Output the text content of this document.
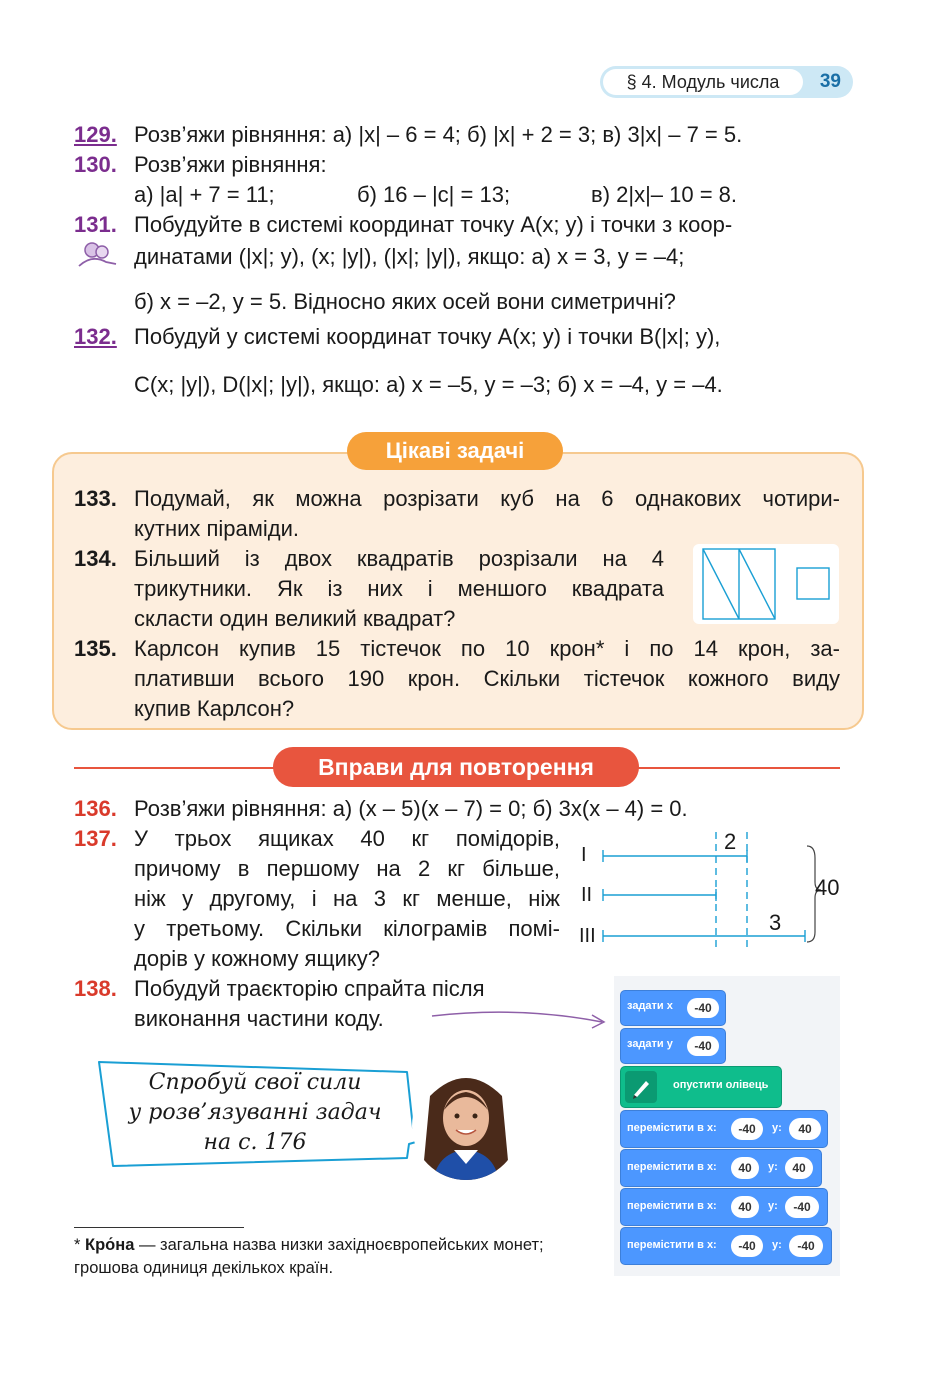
§ 4. Модуль числа	39
129. Розв’яжи рівняння: а) |x| – 6 = 4; б) |x| + 2 = 3; в) 3|x| – 7 = 5.
130. Розв’яжи рівняння:
а) |a| + 7 = 11;	б) 16 – |c| = 13;	в) 2|x|– 10 = 8.
131. Побудуйте в системі координат точку A(x; y) і точки з коор-
динатами (|x|; y), (x; |y|), (|x|; |y|), якщо: а) x = 3, y = –4;
б) x = –2, y = 5. Відносно яких осей вони симетричні?
132. Побудуй у системі координат точку A(x; y) і точки B(|x|; y),
C(x; |y|), D(|x|; |y|), якщо: а) x = –5, y = –3; б) x = –4, y = –4.
Цікаві задачі
133. Подумай, як можна розрізати куб на 6 однакових чотири-
кутних піраміди.
134. Більший із двох квадратів розрізали на 4
трикутники. Як із них і меншого квадрата
скласти один великий квадрат?
135. Карлсон купив 15 тістечок по 10 крон* і по 14 крон, за-
плативши всього 190 крон. Скільки тістечок кожного виду
купив Карлсон?
Вправи для повторення
136. Розв’яжи рівняння: а) (x – 5)(x – 7) = 0; б) 3x(x – 4) = 0.
137. У трьох ящиках 40 кг помідорів,
причому в першому на 2 кг більше,
ніж у другому, і на 3 кг менше, ніж
у третьому. Скільки кілограмів помі-
дорів у кожному ящику?
I
II
III
2
3
40
138. Побудуй траєкторію спрайта після
виконання частини коду.	задати x	-40
задати y	-40
опустити олівець
перемістити в x:	-40	y:	40
перемістити в x:	40	y:	40
перемістити в x:	40	y:	-40
перемістити в x:	-40	y:	-40
Спробуй свої сили
у розв’язуванні задач
на с. 176
* Кро́на — загальна назва низки західноєвропейських монет; грошова одиниця декількох країн.
